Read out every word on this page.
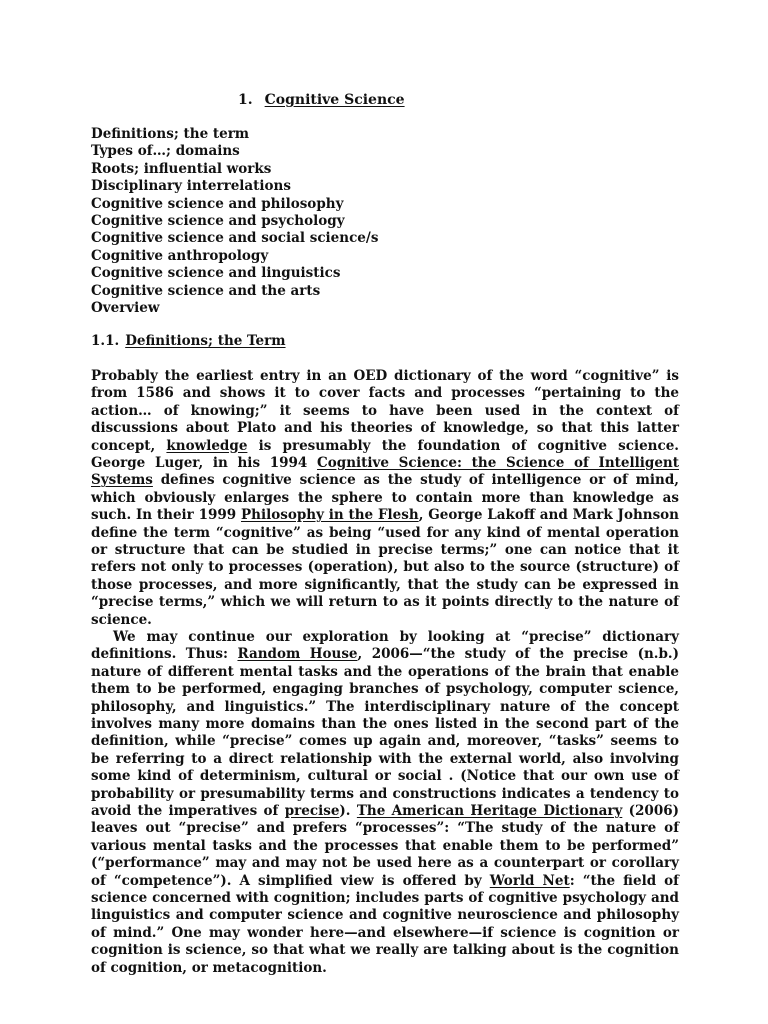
1. Cognitive Science
Definitions; the term
Types of…; domains
Roots; influential works
Disciplinary interrelations
Cognitive science and philosophy
Cognitive science and psychology
Cognitive science and social science/s
Cognitive anthropology
Cognitive science and linguistics
Cognitive science and the arts
Overview
1.1. Definitions; the Term

Probably the earliest entry in an OED dictionary of the word “cognitive” is from 1586 and shows it to cover facts and processes “pertaining to the action… of knowing;” it seems to have been used in the context of discussions about Plato and his theories of knowledge, so that this latter concept, knowledge is presumably the foundation of cognitive science. George Luger, in his 1994 Cognitive Science: the Science of Intelligent Systems defines cognitive science as the study of intelligence or of mind, which obviously enlarges the sphere to contain more than knowledge as such. In their 1999 Philosophy in the Flesh, George Lakoff and Mark Johnson define the term “cognitive” as being “used for any kind of mental operation or structure that can be studied in precise terms;” one can notice that it refers not only to processes (operation), but also to the source (structure) of those processes, and more significantly, that the study can be expressed in “precise terms,” which we will return to as it points directly to the nature of science.

We may continue our exploration by looking at “precise” dictionary definitions. Thus: Random House, 2006—“the study of the precise (n.b.) nature of different mental tasks and the operations of the brain that enable them to be performed, engaging branches of psychology, computer science, philosophy, and linguistics.” The interdisciplinary nature of the concept involves many more domains than the ones listed in the second part of the definition, while “precise” comes up again and, moreover, “tasks” seems to be referring to a direct relationship with the external world, also involving some kind of determinism, cultural or social . (Notice that our own use of probability or presumability terms and constructions indicates a tendency to avoid the imperatives of precise). The American Heritage Dictionary (2006) leaves out “precise” and prefers “processes”: “The study of the nature of various mental tasks and the processes that enable them to be performed” (“performance” may and may not be used here as a counterpart or corollary of “competence”). A simplified view is offered by World Net: “the field of science concerned with cognition; includes parts of cognitive psychology and linguistics and computer science and cognitive neuroscience and philosophy of mind.” One may wonder here—and elsewhere—if science is cognition or cognition is science, so that what we really are talking about is the cognition of cognition, or metacognition.
